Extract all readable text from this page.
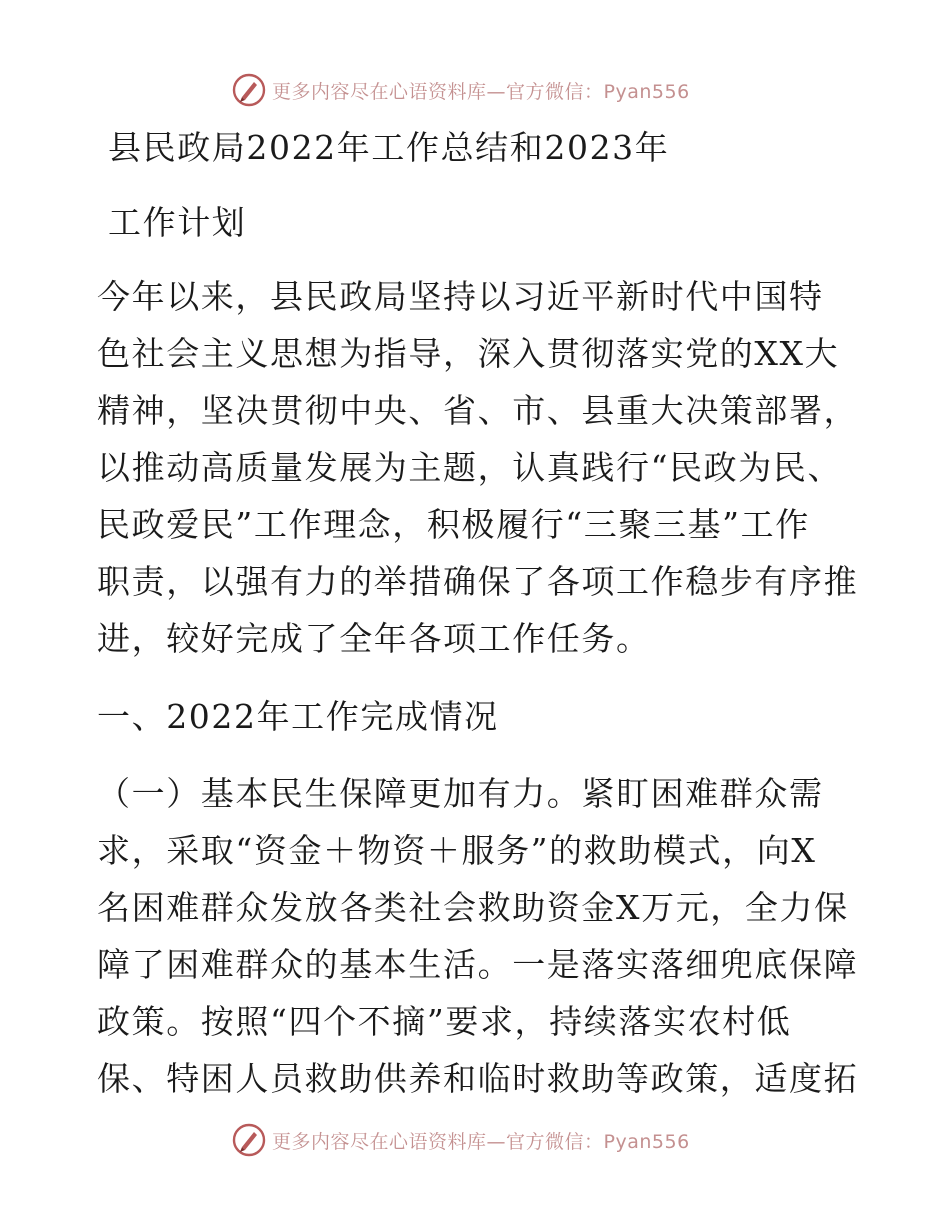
更多内容尽在心语资料库—官方微信：Pyan556
县民政局2022年工作总结和2023年
工作计划
今年以来，县民政局坚持以习近平新时代中国特
色社会主义思想为指导，深入贯彻落实党的XX大
精神，坚决贯彻中央、省、市、县重大决策部署，
以推动高质量发展为主题，认真践行“民政为民、
民政爱民”工作理念，积极履行“三聚三基”工作
职责，以强有力的举措确保了各项工作稳步有序推
进，较好完成了全年各项工作任务。
一、2022年工作完成情况
（一）基本民生保障更加有力。紧盯困难群众需
求，采取“资金＋物资＋服务”的救助模式，向X
名困难群众发放各类社会救助资金X万元，全力保
障了困难群众的基本生活。一是落实落细兜底保障
政策。按照“四个不摘”要求，持续落实农村低
保、特困人员救助供养和临时救助等政策，适度拓
更多内容尽在心语资料库—官方微信：Pyan556
